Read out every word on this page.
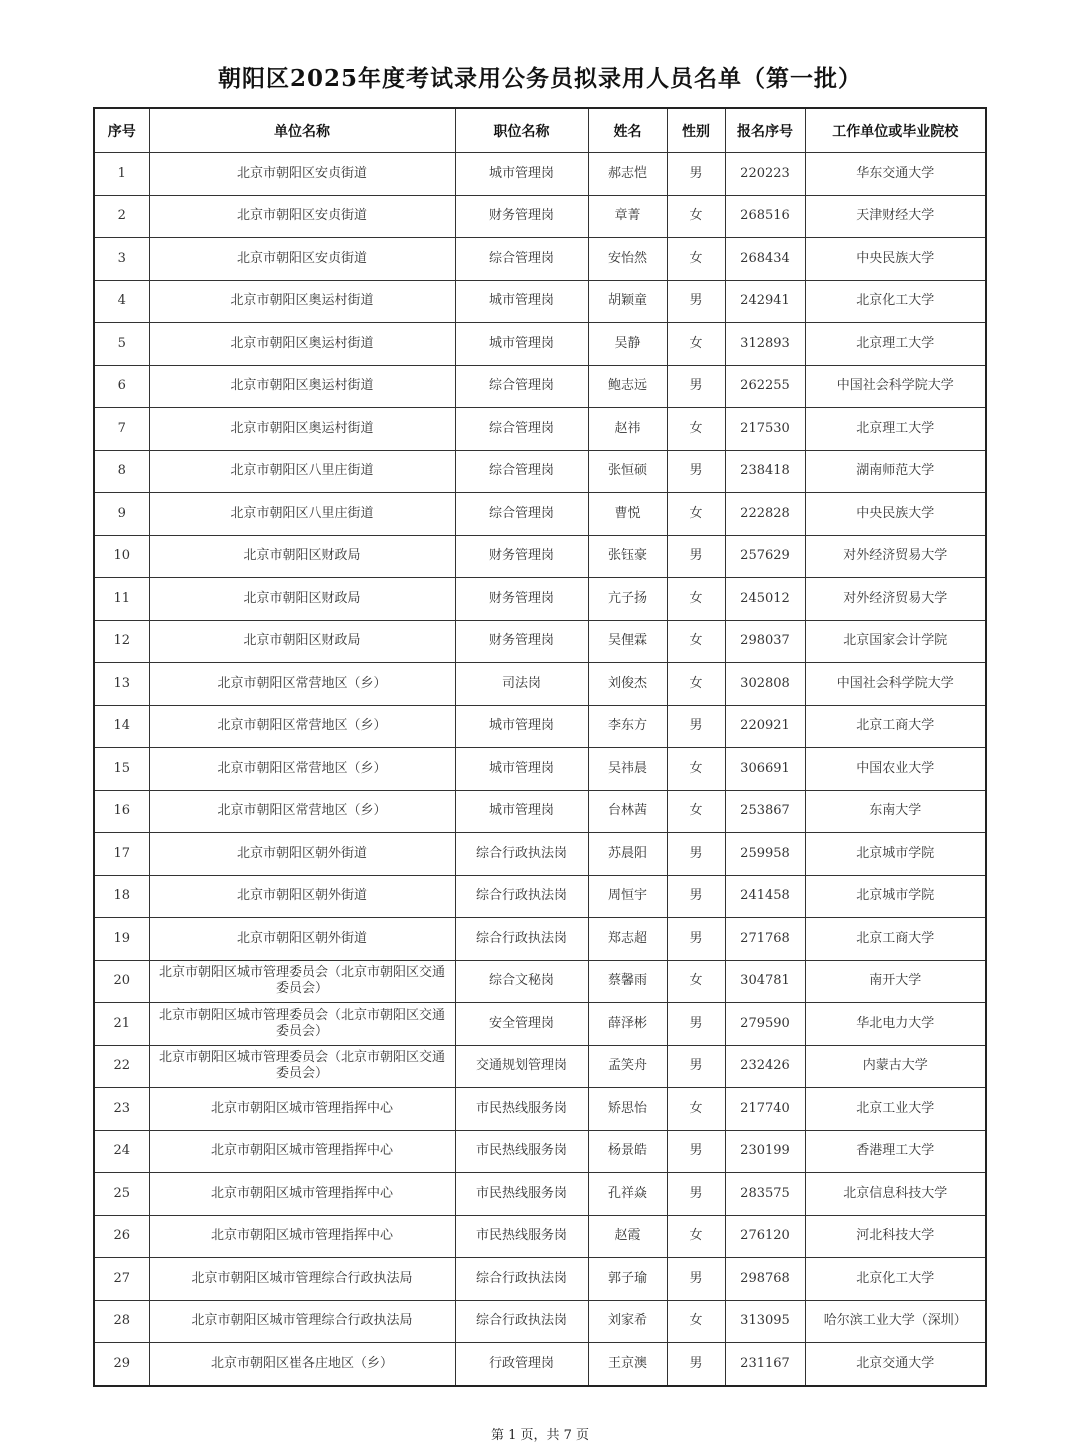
朝阳区2025年度考试录用公务员拟录用人员名单（第一批）
序号	单位名称	职位名称	姓名	性别	报名序号	工作单位或毕业院校
1	北京市朝阳区安贞街道	城市管理岗	郝志恺	男	220223	华东交通大学
2	北京市朝阳区安贞街道	财务管理岗	章菁	女	268516	天津财经大学
3	北京市朝阳区安贞街道	综合管理岗	安怡然	女	268434	中央民族大学
4	北京市朝阳区奥运村街道	城市管理岗	胡颖童	男	242941	北京化工大学
5	北京市朝阳区奥运村街道	城市管理岗	吴静	女	312893	北京理工大学
6	北京市朝阳区奥运村街道	综合管理岗	鲍志远	男	262255	中国社会科学院大学
7	北京市朝阳区奥运村街道	综合管理岗	赵祎	女	217530	北京理工大学
8	北京市朝阳区八里庄街道	综合管理岗	张恒硕	男	238418	湖南师范大学
9	北京市朝阳区八里庄街道	综合管理岗	曹悦	女	222828	中央民族大学
10	北京市朝阳区财政局	财务管理岗	张钰豪	男	257629	对外经济贸易大学
11	北京市朝阳区财政局	财务管理岗	亢子扬	女	245012	对外经济贸易大学
12	北京市朝阳区财政局	财务管理岗	吴俚霖	女	298037	北京国家会计学院
13	北京市朝阳区常营地区（乡）	司法岗	刘俊杰	女	302808	中国社会科学院大学
14	北京市朝阳区常营地区（乡）	城市管理岗	李东方	男	220921	北京工商大学
15	北京市朝阳区常营地区（乡）	城市管理岗	吴祎晨	女	306691	中国农业大学
16	北京市朝阳区常营地区（乡）	城市管理岗	台林茜	女	253867	东南大学
17	北京市朝阳区朝外街道	综合行政执法岗	苏晨阳	男	259958	北京城市学院
18	北京市朝阳区朝外街道	综合行政执法岗	周恒宇	男	241458	北京城市学院
19	北京市朝阳区朝外街道	综合行政执法岗	郑志超	男	271768	北京工商大学
20	北京市朝阳区城市管理委员会（北京市朝阳区交通委员会）	综合文秘岗	蔡馨雨	女	304781	南开大学
21	北京市朝阳区城市管理委员会（北京市朝阳区交通委员会）	安全管理岗	薛泽彬	男	279590	华北电力大学
22	北京市朝阳区城市管理委员会（北京市朝阳区交通委员会）	交通规划管理岗	孟笑舟	男	232426	内蒙古大学
23	北京市朝阳区城市管理指挥中心	市民热线服务岗	矫思怡	女	217740	北京工业大学
24	北京市朝阳区城市管理指挥中心	市民热线服务岗	杨景皓	男	230199	香港理工大学
25	北京市朝阳区城市管理指挥中心	市民热线服务岗	孔祥焱	男	283575	北京信息科技大学
26	北京市朝阳区城市管理指挥中心	市民热线服务岗	赵霞	女	276120	河北科技大学
27	北京市朝阳区城市管理综合行政执法局	综合行政执法岗	郭子瑜	男	298768	北京化工大学
28	北京市朝阳区城市管理综合行政执法局	综合行政执法岗	刘家希	女	313095	哈尔滨工业大学（深圳）
29	北京市朝阳区崔各庄地区（乡）	行政管理岗	王京澳	男	231167	北京交通大学
第 1 页，共 7 页
